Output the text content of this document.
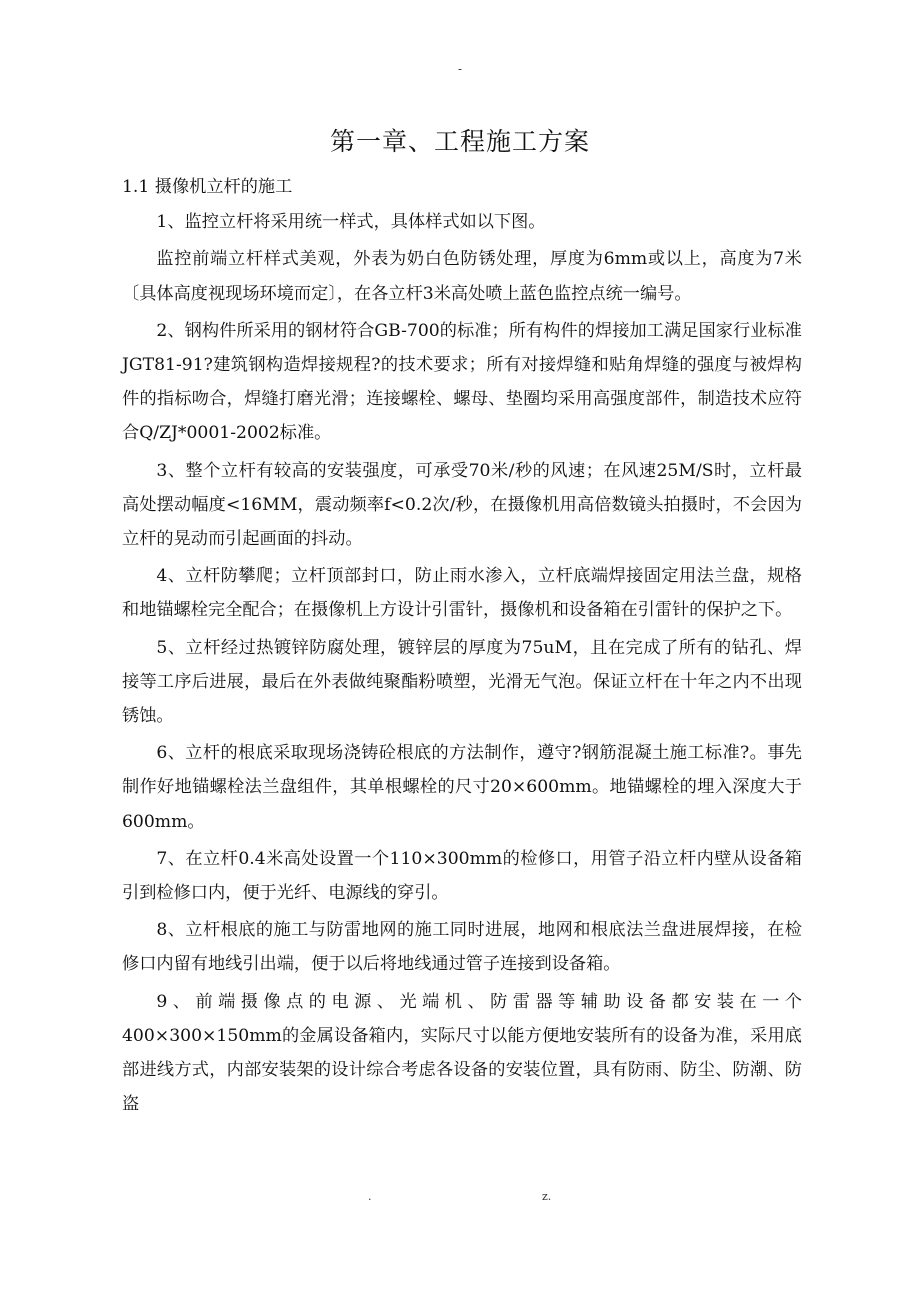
-
第一章、工程施工方案

1.1 摄像机立杆的施工

1、监控立杆将采用统一样式，具体样式如以下图。

监控前端立杆样式美观，外表为奶白色防锈处理，厚度为6mm或以上，高度为7米〔具体高度视现场环境而定〕，在各立杆3米高处喷上蓝色监控点统一编号。

2、钢构件所采用的钢材符合GB-700的标准；所有构件的焊接加工满足国家行业标准JGT81-91?建筑钢构造焊接规程?的技术要求；所有对接焊缝和贴角焊缝的强度与被焊构件的指标吻合，焊缝打磨光滑；连接螺栓、螺母、垫圈均采用高强度部件，制造技术应符合Q/ZJ*0001-2002标准。

3、整个立杆有较高的安装强度，可承受70米/秒的风速；在风速25M/S时，立杆最高处摆动幅度<16MM，震动频率f<0.2次/秒，在摄像机用高倍数镜头拍摄时，不会因为立杆的晃动而引起画面的抖动。

4、立杆防攀爬；立杆顶部封口，防止雨水渗入，立杆底端焊接固定用法兰盘，规格和地锚螺栓完全配合；在摄像机上方设计引雷针，摄像机和设备箱在引雷针的保护之下。

5、立杆经过热镀锌防腐处理，镀锌层的厚度为75uM，且在完成了所有的钻孔、焊接等工序后进展，最后在外表做纯聚酯粉喷塑，光滑无气泡。保证立杆在十年之内不出现锈蚀。

6、立杆的根底采取现场浇铸砼根底的方法制作，遵守?钢筋混凝土施工标准?。事先制作好地锚螺栓法兰盘组件，其单根螺栓的尺寸20×600mm。地锚螺栓的埋入深度大于600mm。

7、在立杆0.4米高处设置一个110×300mm的检修口，用管子沿立杆内壁从设备箱引到检修口内，便于光纤、电源线的穿引。

8、立杆根底的施工与防雷地网的施工同时进展，地网和根底法兰盘进展焊接，在检修口内留有地线引出端，便于以后将地线通过管子连接到设备箱。

9、前端摄像点的电源、光端机、防雷器等辅助设备都安装在一个400×300×150mm的金属设备箱内，实际尺寸以能方便地安装所有的设备为准，采用底部进线方式，内部安装架的设计综合考虑各设备的安装位置，具有防雨、防尘、防潮、防盗

.	z.
